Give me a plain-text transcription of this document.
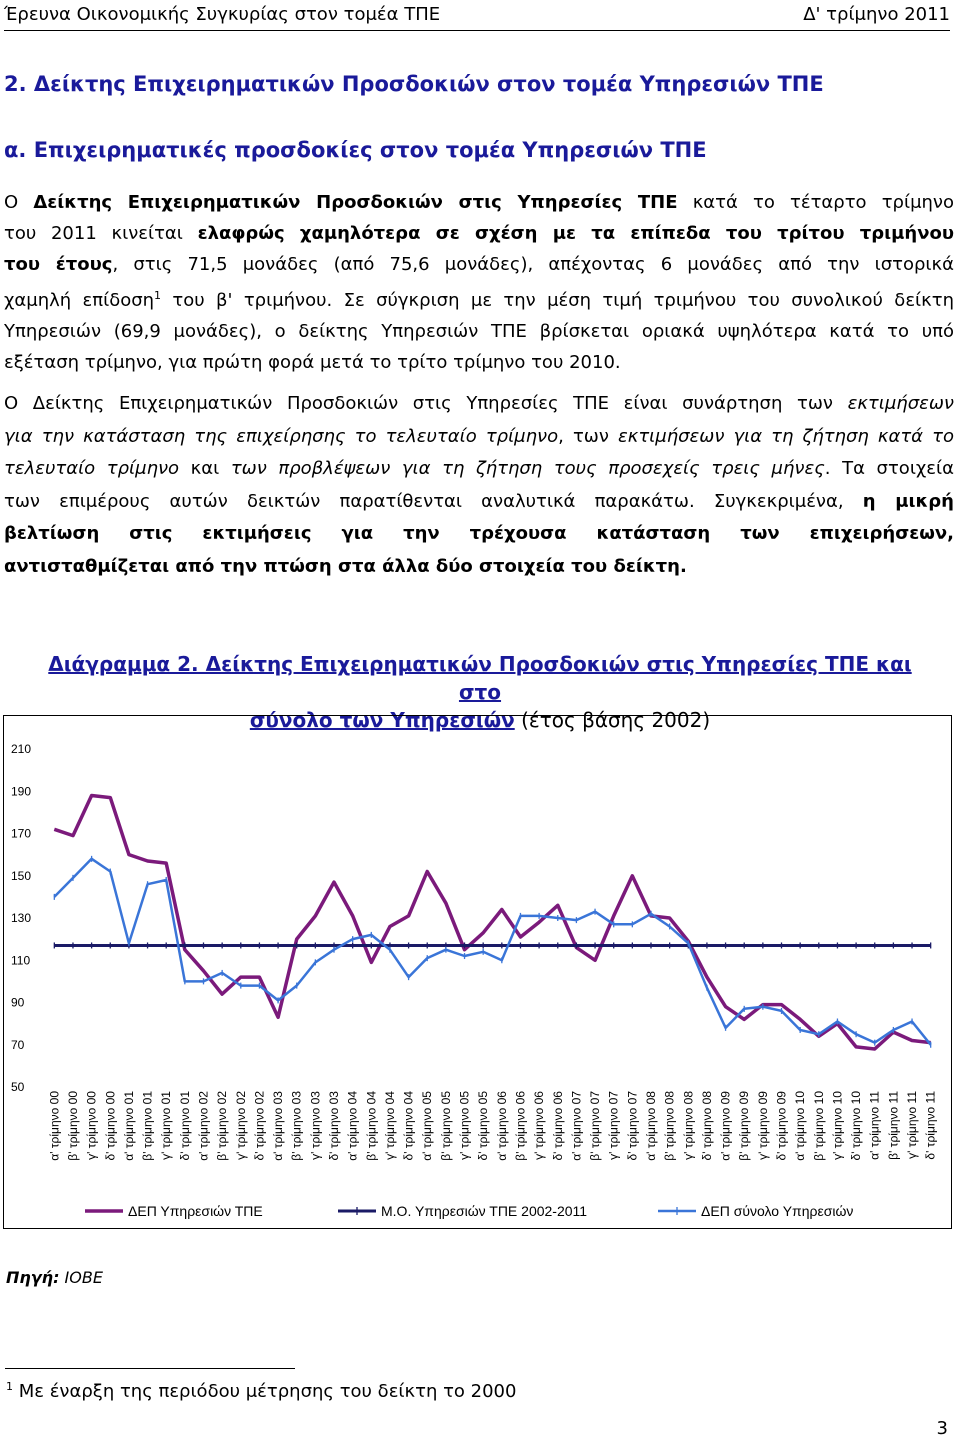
Έρευνα Οικονομικής Συγκυρίας στον τομέα ΤΠΕ	Δ' τρίμηνο 2011
2. Δείκτης Επιχειρηματικών Προσδοκιών στον τομέα Υπηρεσιών ΤΠΕ
α. Επιχειρηματικές προσδοκίες στον τομέα Υπηρεσιών ΤΠΕ
Ο Δείκτης Επιχειρηματικών Προσδοκιών στις Υπηρεσίες ΤΠΕ κατά το τέταρτο τρίμηνο
του 2011 κινείται ελαφρώς χαμηλότερα σε σχέση με τα επίπεδα του τρίτου τριμήνου
του έτους, στις 71,5 μονάδες (από 75,6 μονάδες), απέχοντας 6 μονάδες από την ιστορικά
χαμηλή επίδοση$^1$ του β' τριμήνου. Σε σύγκριση με την μέση τιμή τριμήνου του συνολικού δείκτη
Υπηρεσιών (69,9 μονάδες), ο δείκτης Υπηρεσιών ΤΠΕ βρίσκεται οριακά υψηλότερα κατά το υπό
εξέταση τρίμηνο, για πρώτη φορά μετά το τρίτο τρίμηνο του 2010.
Ο Δείκτης Επιχειρηματικών Προσδοκιών στις Υπηρεσίες ΤΠΕ είναι συνάρτηση των εκτιμήσεων
για την κατάσταση της επιχείρησης το τελευταίο τρίμηνο, των εκτιμήσεων για τη ζήτηση κατά το
τελευταίο τρίμηνο και των προβλέψεων για τη ζήτηση τους προσεχείς τρεις μήνες. Τα στοιχεία
των επιμέρους αυτών δεικτών παρατίθενται αναλυτικά παρακάτω. Συγκεκριμένα, η μικρή
βελτίωση στις εκτιμήσεις για την τρέχουσα κατάσταση των επιχειρήσεων,
αντισταθμίζεται από την πτώση στα άλλα δύο στοιχεία του δείκτη.
Διάγραμμα 2. Δείκτης Επιχειρηματικών Προσδοκιών στις Υπηρεσίες ΤΠΕ και στο
σύνολο των Υπηρεσιών (έτος βάσης 2002)
50
70
90
110
130
150
170
190
210
α' τρίμηνο 00 β' τρίμηνο 00 γ' τρίμηνο 00 δ' τρίμηνο 00 α' τρίμηνο 01 β' τρίμηνο 01 γ' τρίμηνο 01 δ' τρίμηνο 01 α' τρίμηνο 02 β' τρίμηνο 02 γ' τρίμηνο 02 δ' τρίμηνο 02 α' τρίμηνο 03 β' τρίμηνο 03 γ' τρίμηνο 03 δ' τρίμηνο 03 α' τρίμηνο 04 β' τρίμηνο 04 γ' τρίμηνο 04 δ' τρίμηνο 04 α' τρίμηνο 05 β' τρίμηνο 05 γ' τρίμηνο 05 δ' τρίμηνο 05 α' τρίμηνο 06 β' τρίμηνο 06 γ' τρίμηνο 06 δ' τρίμηνο 06 α' τρίμηνο 07 β' τρίμηνο 07 γ' τρίμηνο 07 δ' τρίμηνο 07 α' τρίμηνο 08 β' τρίμηνο 08 γ' τρίμηνο 08 δ' τρίμηνο 08 α' τρίμηνο 09 β' τρίμηνο 09 γ' τρίμηνο 09 δ' τρίμηνο 09 α' τρίμηνο 10 β' τρίμηνο 10 γ' τρίμηνο 10 δ' τρίμηνο 10 α' τρίμηνο 11 β' τρίμηνο 11 γ' τρίμηνο 11 δ' τρίμηνο 11
ΔΕΠ Υπηρεσιών ΤΠΕ	Μ.Ο. Υπηρεσιών ΤΠΕ 2002-2011	ΔΕΠ σύνολο Υπηρεσιών
Πηγή: ΙΟΒΕ
$^1$ Με έναρξη της περιόδου μέτρησης του δείκτη το 2000
3
